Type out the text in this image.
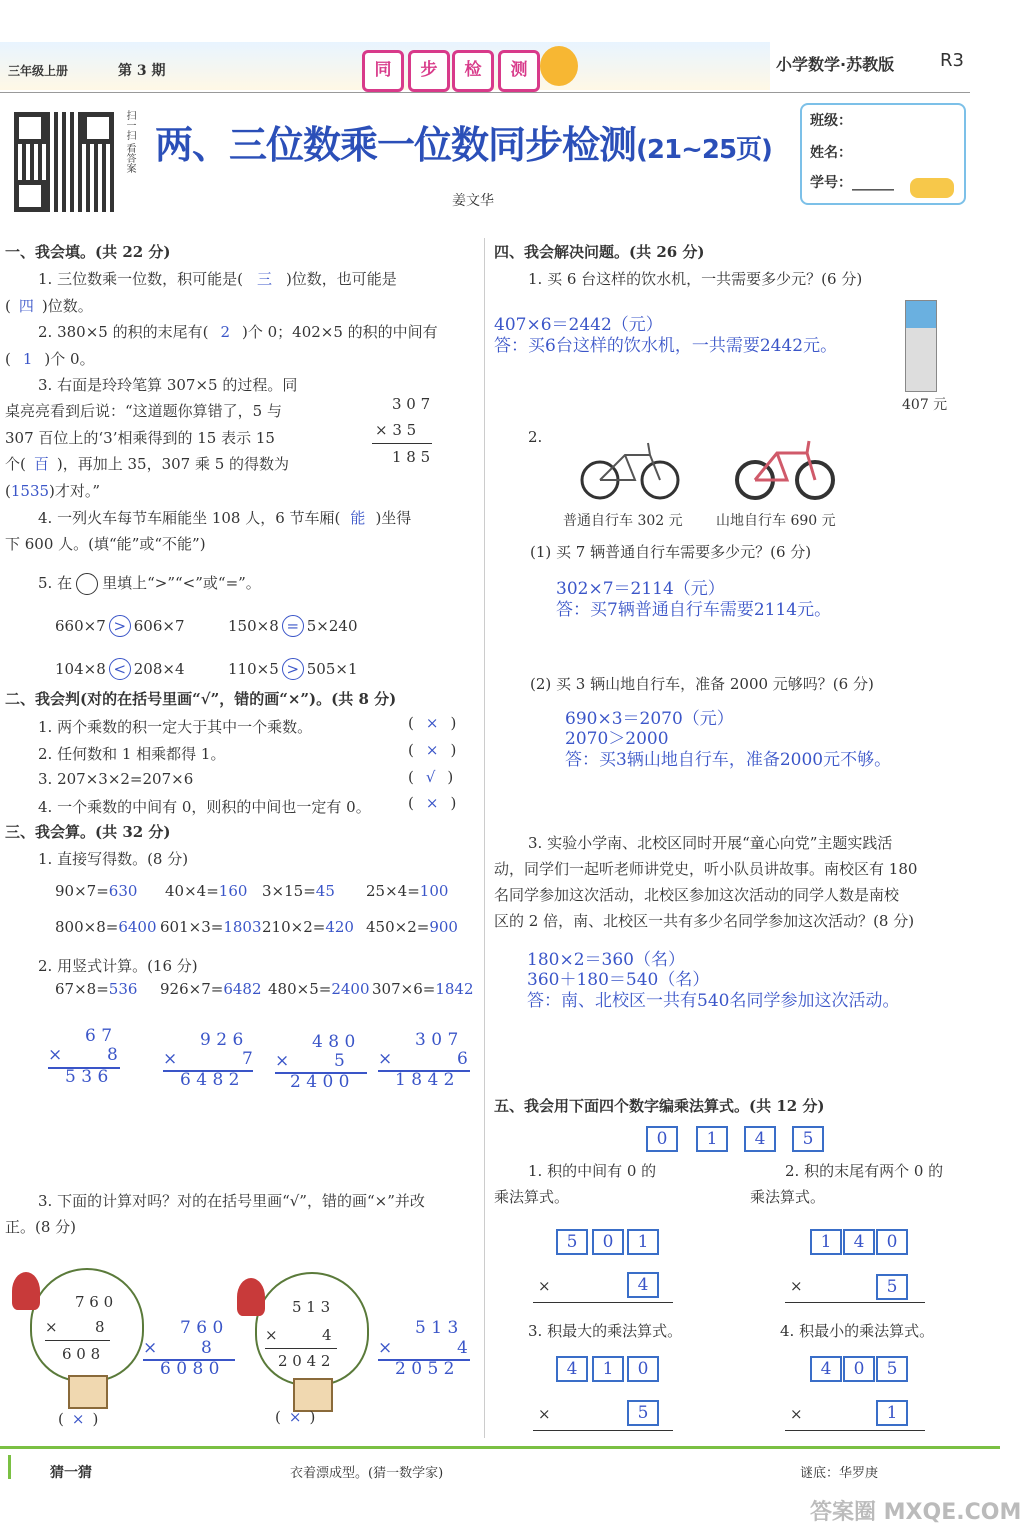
三年级上册	第 3 期	同	步	检	测	小学数学·苏教版	R3
扫一扫 看答案 两、三位数乘一位数同步检测(21~25页)
姜文华
班级：
姓名：
学号：______
一、我会填。(共 22 分)
1. 三位数乘一位数，积可能是( 三 )位数，也可能是
( 四 )位数。
2. 380×5 的积的末尾有( 2 )个 0；402×5 的积的中间有
( 1 )个 0。
3. 右面是玲玲笔算 307×5 的过程。同
桌亮亮看到后说：“这道题你算错了，5 与
307 百位上的‘3’相乘得到的 15 表示 15
个( 百 )，再加上 35，307 乘 5 的得数为
(1535)才对。”
3 0 7
× 3 5
1 8 5
4. 一列火车每节车厢能坐 108 人，6 节车厢( 能 )坐得
下 600 人。(填“能”或“不能”)
5. 在 里填上“>”“<”或“=”。
660×7 > 606×7	150×8 = 5×240
104×8 < 208×4	110×5 > 505×1
二、我会判(对的在括号里画“√”，错的画“×”)。(共 8 分)
1. 两个乘数的积一定大于其中一个乘数。	( × )
2. 任何数和 1 相乘都得 1。	( × )
3. 207×3×2=207×6	( √ )
4. 一个乘数的中间有 0，则积的中间也一定有 0。 ( × )
三、我会算。(共 32 分)
1. 直接写得数。(8 分)
90×7=630 40×4=160 3×15=45 25×4=100
800×8=6400 601×3=1803 210×2=420 450×2=900
2. 用竖式计算。(16 分)
67×8=536 926×7=6482 480×5=2400 307×6=1842
6 7
×	8
5 3 6
9 2 6
×	7
6 4 8 2
4 8 0
×	5
2 4 0 0
3 0 7
×	6
1 8 4 2
3. 下面的计算对吗？对的在括号里画“√”，错的画“×”并改
正。(8 分)
7 6 0
× 8
6 0 8
( × )
7 6 0
×	8
6 0 8 0
5 1 3
×	4
2 0 4 2
( × )
5 1 3
×	4
2 0 5 2
四、我会解决问题。(共 26 分)
1. 买 6 台这样的饮水机，一共需要多少元？(6 分)
407×6＝2442（元）
答：买6台这样的饮水机，一共需要2442元。
407 元
2.
普通自行车 302 元 山地自行车 690 元
(1) 买 7 辆普通自行车需要多少元？(6 分)
302×7＝2114（元）
答：买7辆普通自行车需要2114元。
(2) 买 3 辆山地自行车，准备 2000 元够吗？(6 分)
690×3＝2070（元）
2070＞2000
答：买3辆山地自行车，准备2000元不够。
3. 实验小学南、北校区同时开展“童心向党”主题实践活
动，同学们一起听老师讲党史，听小队员讲故事。南校区有 180
名同学参加这次活动，北校区参加这次活动的同学人数是南校
区的 2 倍，南、北校区一共有多少名同学参加这次活动？(8 分)
180×2＝360（名）
360＋180＝540（名）
答：南、北校区一共有540名同学参加这次活动。
五、我会用下面四个数字编乘法算式。(共 12 分)
0	1	4	5
1. 积的中间有 0 的
乘法算式。
2. 积的末尾有两个 0 的
乘法算式。
5	0	1
×	4
1	4	0
×	5
3. 积最大的乘法算式。	4. 积最小的乘法算式。
4	1	0
×	5
4	0	5
×	1
猜一猜	衣着漂成型。(猜一数学家)	谜底：华罗庚
答案圈 MXQE.COM
